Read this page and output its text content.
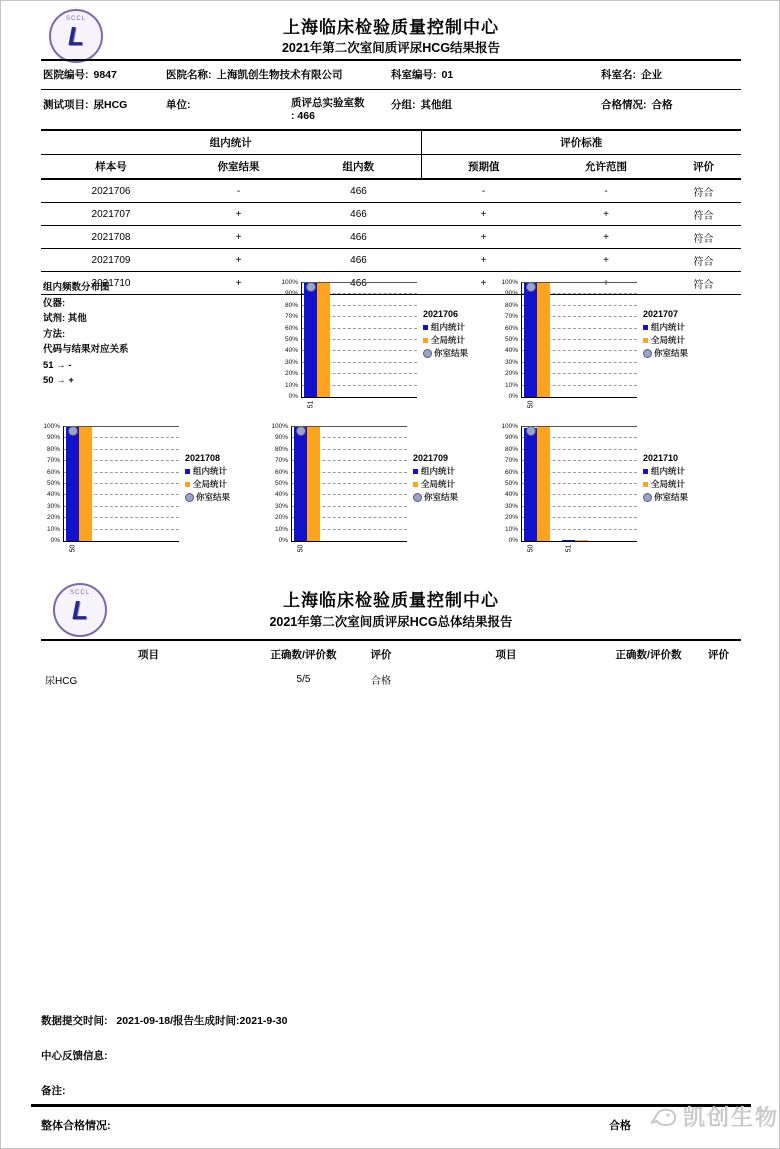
SCCL
L	上海临床检验质量控制中心
2021年第二次室间质评尿HCG结果报告
医院编号: 9847	医院名称: 上海凯创生物技术有限公司	科室编号: 01	科室名: 企业
测试项目: 尿HCG	单位:	质评总实验室数
: 466
分组: 其他组	合格情况: 合格
组内统计			评价标准		
样本号	你室结果	组内数	预期值	允许范围	评价
2021706	-	466	-	-	符合
2021707	+	466	+	+	符合
2021708	+	466	+	+	符合
2021709	+	466	+	+	符合
2021710	+	466	+	+	符合
组内频数分布图
仪器:
试剂: 其他
方法:
代码与结果对应关系
51 → -
50 → +
0%
10%
20%
30%
40%
50%
60%
70%
80%
90%
100%
51
2021706
组内统计
全局统计
你室结果
0%
10%
20%
30%
40%
50%
60%
70%
80%
90%
100%
50
2021707
组内统计
全局统计
你室结果
0%
10%
20%
30%
40%
50%
60%
70%
80%
90%
100%
50
2021708
组内统计
全局统计
你室结果
0%
10%
20%
30%
40%
50%
60%
70%
80%
90%
100%
50
2021709
组内统计
全局统计
你室结果
0%
10%
20%
30%
40%
50%
60%
70%
80%
90%
100%
50	51
2021710
组内统计
全局统计
你室结果
SCCL
L	上海临床检验质量控制中心
2021年第二次室间质评尿HCG总体结果报告
项目	正确数/评价数	评价	项目	正确数/评价数	评价
尿HCG	5/5	合格			
数据提交时间: 2021-09-18/报告生成时间:2021-9-30
中心反馈信息:
备注:
整体合格情况:	合格 凯创生物
